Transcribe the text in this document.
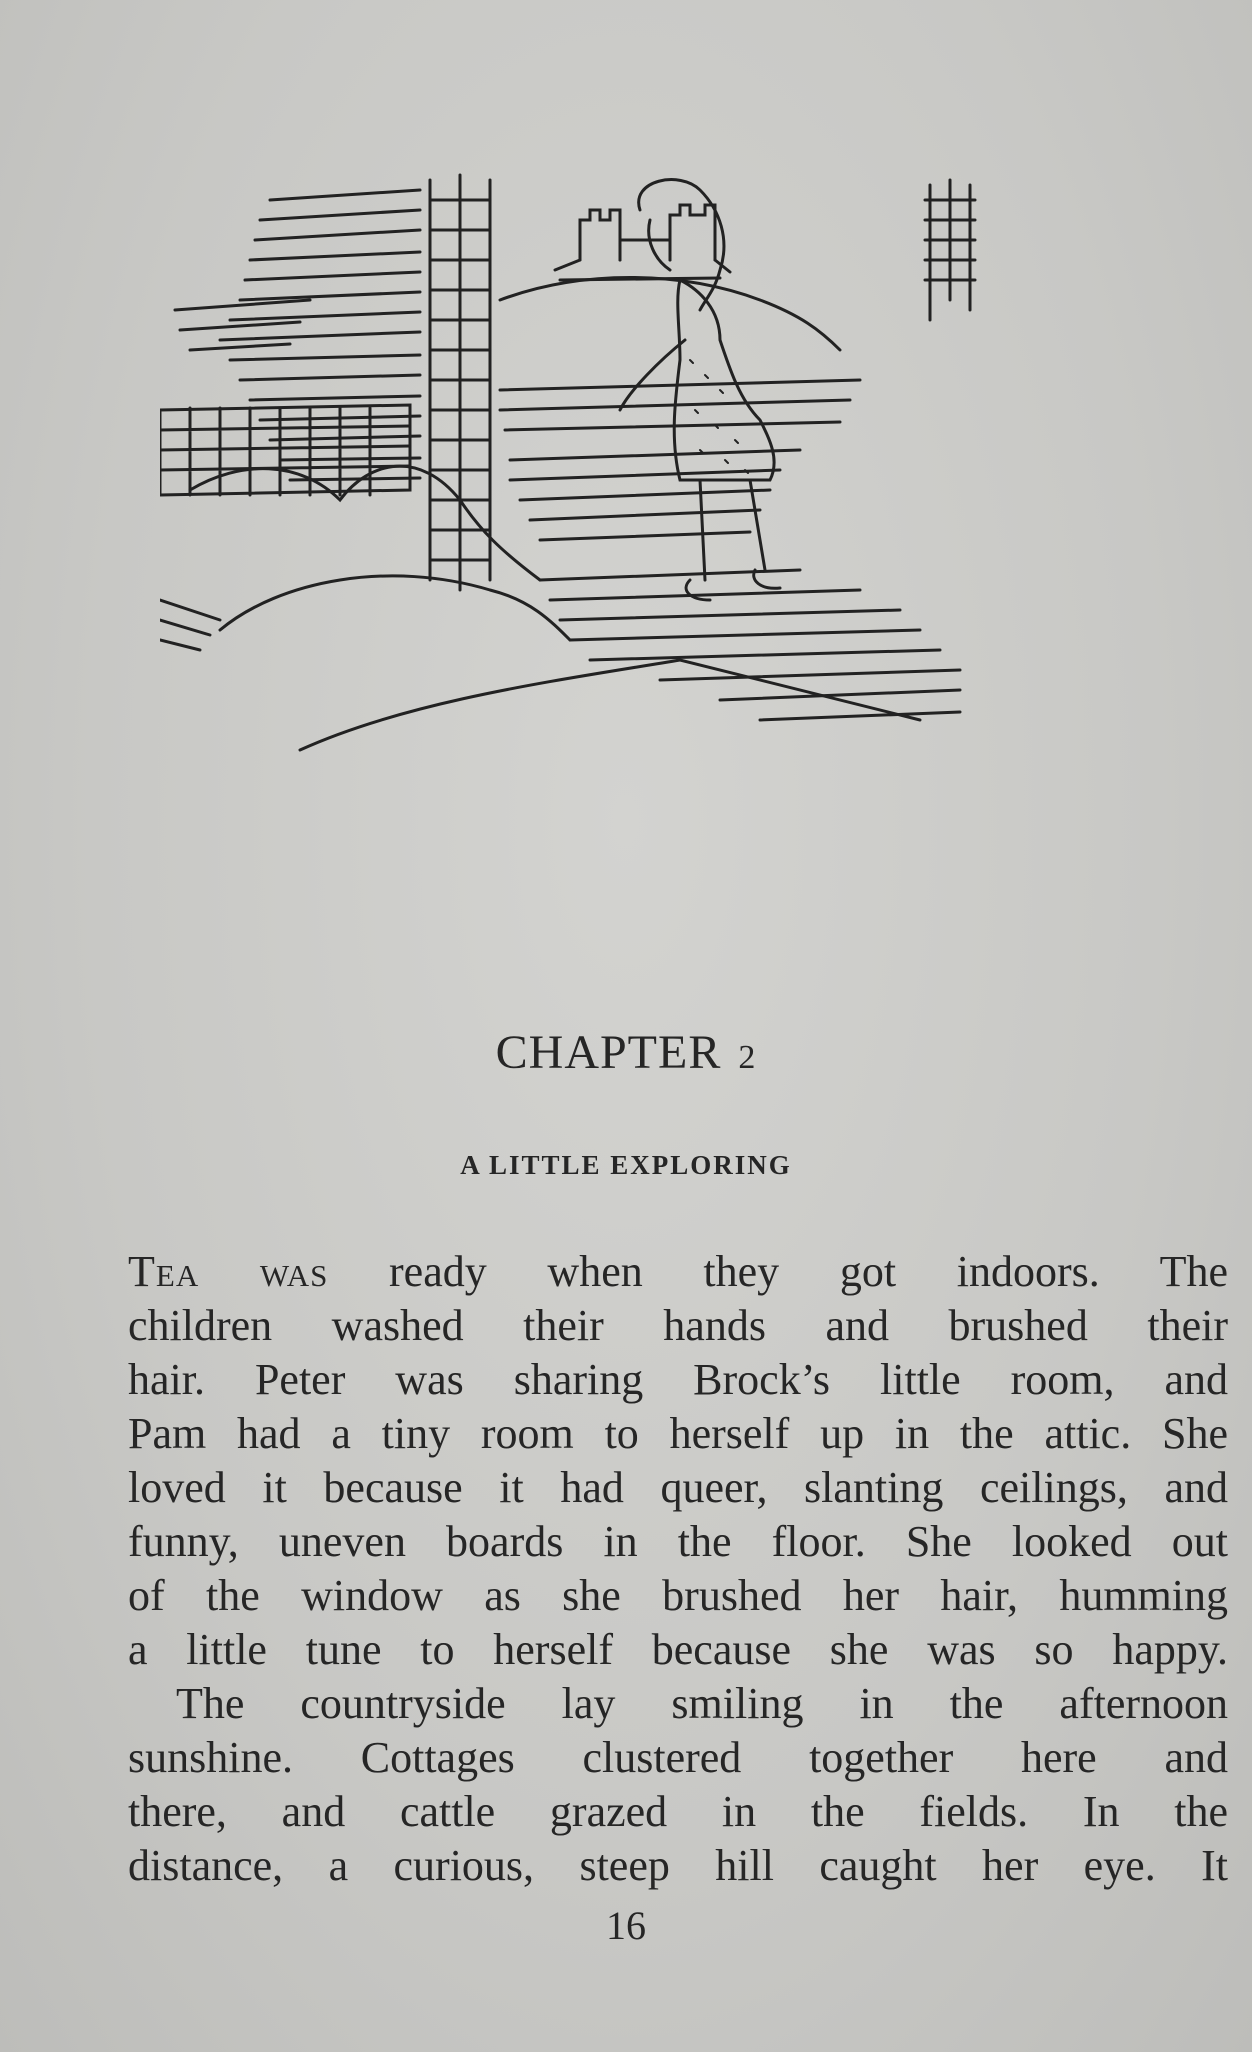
CHAPTER 2
A LITTLE EXPLORING

Tea was ready when they got indoors. The

children washed their hands and brushed their

hair. Peter was sharing Brock’s little room, and

Pam had a tiny room to herself up in the attic. She

loved it because it had queer, slanting ceilings, and

funny, uneven boards in the floor. She looked out

of the window as she brushed her hair, humming

a little tune to herself because she was so happy.

The countryside lay smiling in the afternoon

sunshine. Cottages clustered together here and

there, and cattle grazed in the fields. In the

distance, a curious, steep hill caught her eye. It

16
